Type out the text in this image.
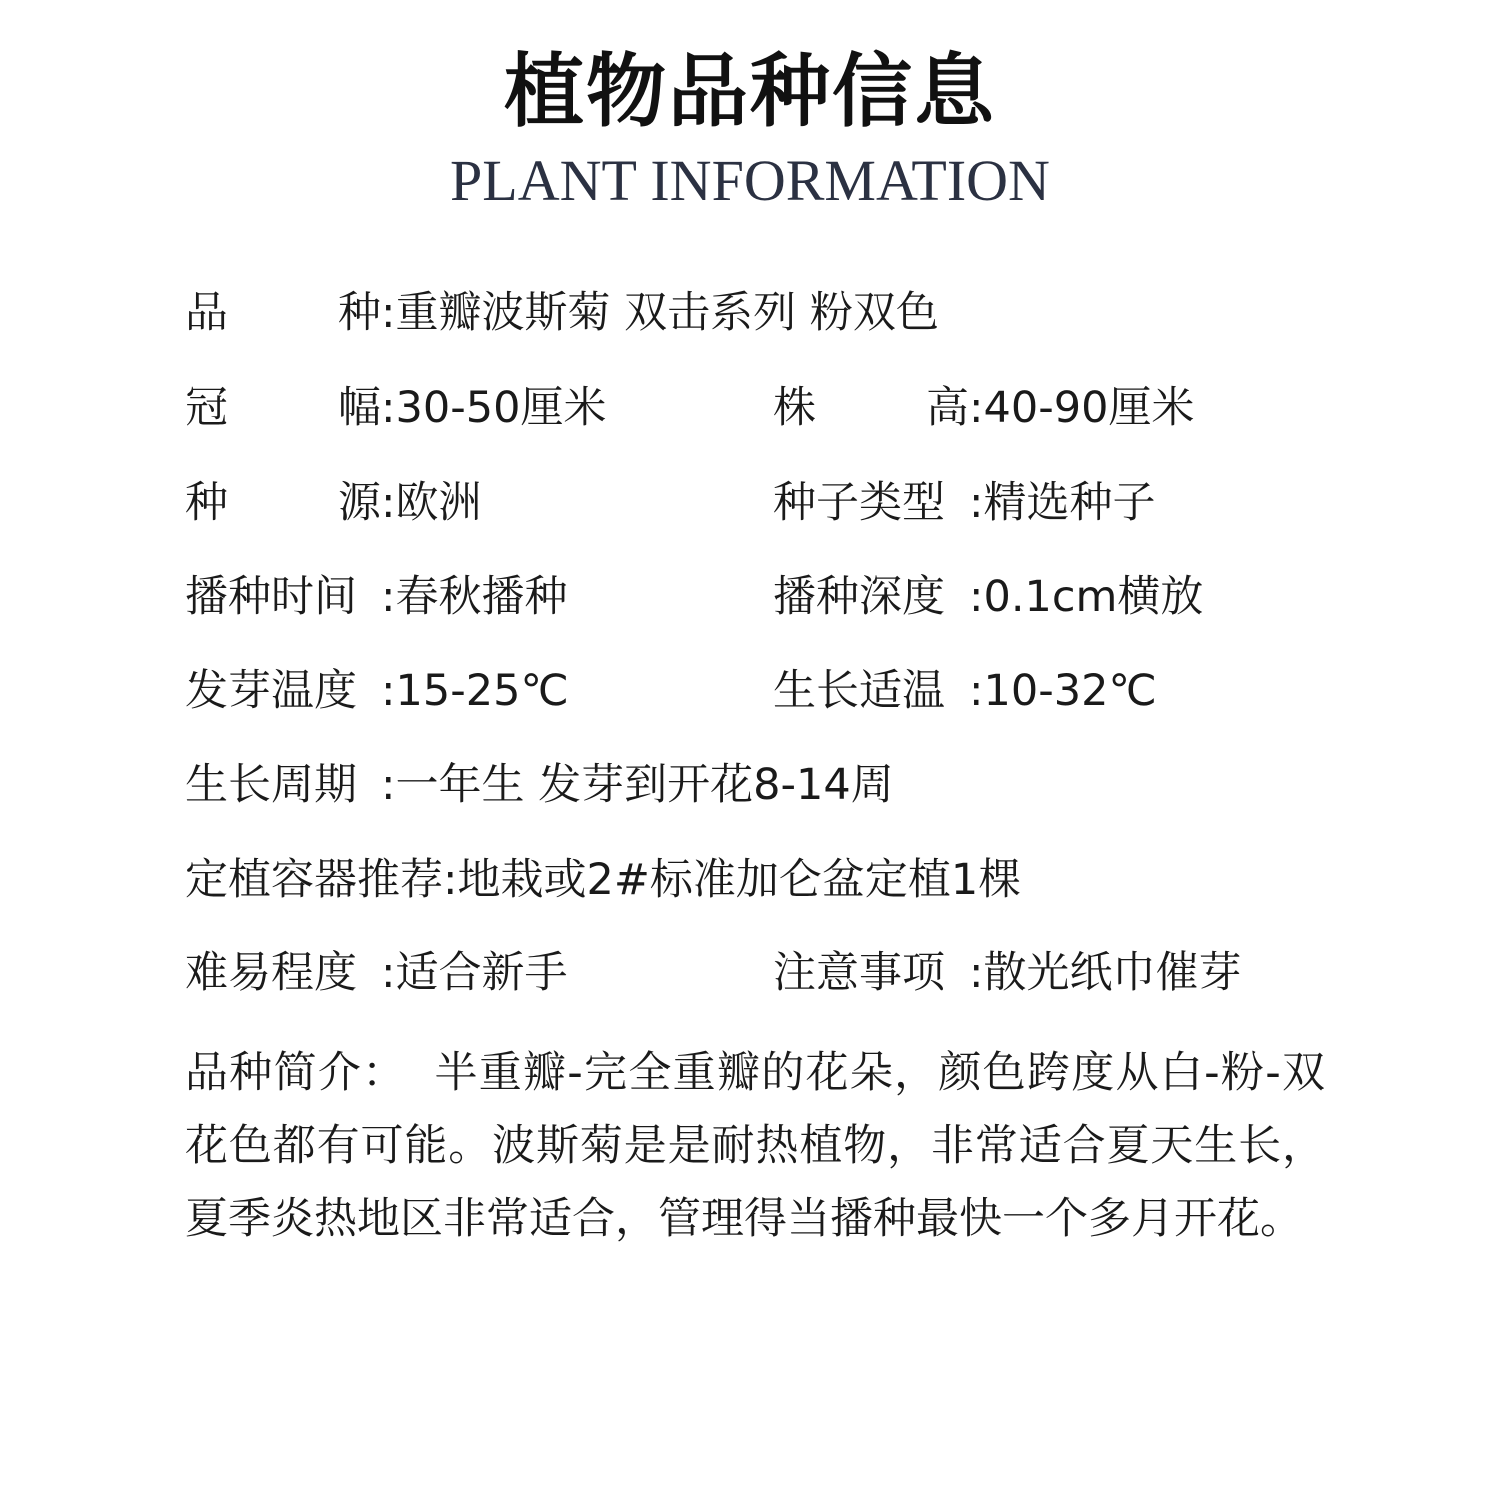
植物品种信息
PLANT INFORMATION
品种:重瓣波斯菊 双击系列 粉双色
冠幅:30-50厘米	株高:40-90厘米
种源:欧洲	种子类型 :精选种子
播种时间 :春秋播种	播种深度 :0.1cm横放
发芽温度 :15-25℃	生长适温 :10-32℃
生长周期 :一年生 发芽到开花8-14周
定植容器推荐:地栽或2#标准加仑盆定植1棵
难易程度 :适合新手	注意事项 :散光纸巾催芽
品种简介： 半重瓣-完全重瓣的花朵，颜色跨度从白-粉-双花色都有可能。波斯菊是是耐热植物，非常适合夏天生长，夏季炎热地区非常适合，管理得当播种最快一个多月开花。
